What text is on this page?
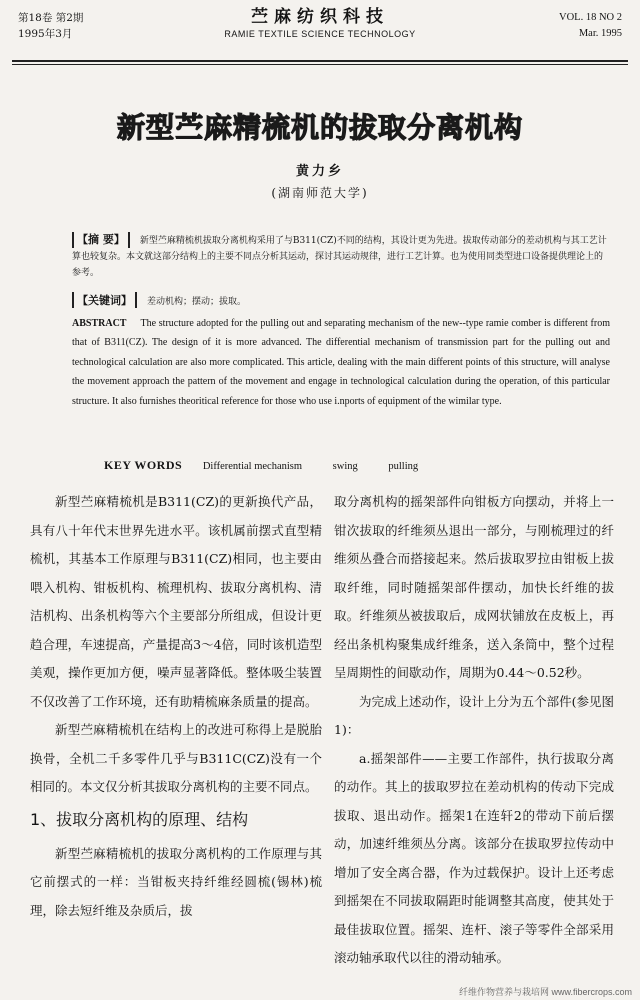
第18卷 第2期
1995年3月
苎麻纺织科技
RAMIE TEXTILE SCIENCE TECHNOLOGY
VOL. 18 NO 2
Mar. 1995
新型苎麻精梳机的拔取分离机构
黄力乡
(湖南师范大学)
【摘 要】 新型苎麻精梳机拔取分离机构采用了与B311(CZ)不同的结构，其设计更为先进。拔取传动部分的差动机构与其工艺计算也较复杂。本文就这部分结构上的主要不同点分析其运动，探讨其运动规律，进行工艺计算。也为使用同类型进口设备提供理论上的参考。
【关键词】 差动机构；摆动；拔取。
ABSTRACT The structure adopted for the pulling out and separating mechanism of the new--type ramie comber is different from that of B311(CZ). The design of it is more advanced. The differential mechanism of transmission part for the pulling out and technological calculation are also more complicated. This article, dealing with the main different points of this structure, will analyse the movement approach the pattern of the movement and engage in technological calculation during the operation, of this particular structure. It also furnishes theoritical reference for those who use i.nports of equipment of the wimilar type.
KEY WORDS Differential mechanism	swing	pulling

新型苎麻精梳机是B311(CZ)的更新换代产品，具有八十年代末世界先进水平。该机属前摆式直型精梳机，其基本工作原理与B311(CZ)相同，也主要由喂入机构、钳板机构、梳理机构、拔取分离机构、清洁机构、出条机构等六个主要部分所组成，但设计更趋合理，车速提高，产量提高3～4倍，同时该机造型美观，操作更加方便，噪声显著降低。整体吸尘装置不仅改善了工作环境，还有助精梳麻条质量的提高。

新型苎麻精梳机在结构上的改进可称得上是脱胎换骨，全机二千多零件几乎与B311C(CZ)没有一个相同的。本文仅分析其拔取分离机构的主要不同点。

1、拔取分离机构的原理、结构

新型苎麻精梳机的拔取分离机构的工作原理与其它前摆式的一样：当钳板夹持纤维经圆梳(锡林)梳理，除去短纤维及杂质后，拔

取分离机构的摇架部件向钳板方向摆动，并将上一钳次拔取的纤维须丛退出一部分，与刚梳理过的纤维须丛叠合而搭接起来。然后拔取罗拉由钳板上拔取纤维，同时随摇架部件摆动，加快长纤维的拔取。纤维须丛被拔取后，成网状铺放在皮板上，再经出条机构聚集成纤维条，送入条筒中，整个过程呈周期性的间歇动作，周期为0.44～0.52秒。

为完成上述动作，设计上分为五个部件(参见图1)：

a.摇架部件——主要工作部件，执行拔取分离的动作。其上的拔取罗拉在差动机构的传动下完成拔取、退出动作。摇架1在连轩2的带动下前后摆动，加速纤维须丛分离。该部分在拔取罗拉传动中增加了安全离合器，作为过载保护。设计上还考虑到摇架在不同拔取隔距时能调整其高度，使其处于最佳拔取位置。摇架、连杆、滚子等零件全部采用滚动轴承取代以往的滑动轴承。

纤维作物营养与栽培网 www.fibercrops.com
